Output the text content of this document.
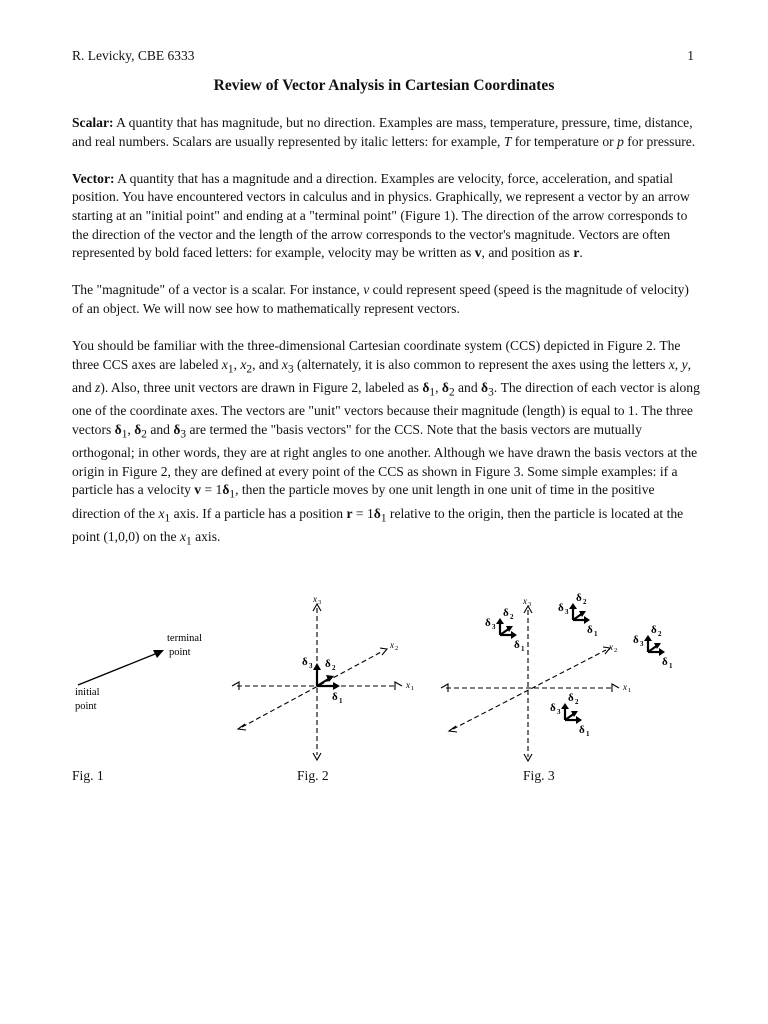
R. Levicky, CBE 6333	1
Review of Vector Analysis in Cartesian Coordinates

Scalar: A quantity that has magnitude, but no direction. Examples are mass, temperature, pressure, time, distance, and real numbers. Scalars are usually represented by italic letters: for example, T for temperature or p for pressure.

Vector: A quantity that has a magnitude and a direction. Examples are velocity, force, acceleration, and spatial position. You have encountered vectors in calculus and in physics. Graphically, we represent a vector by an arrow starting at an "initial point" and ending at a "terminal point" (Figure 1). The direction of the arrow corresponds to the direction of the vector and the length of the arrow corresponds to the vector's magnitude. Vectors are often represented by bold faced letters: for example, velocity may be written as v, and position as r.

The "magnitude" of a vector is a scalar. For instance, v could represent speed (speed is the magnitude of velocity) of an object. We will now see how to mathematically represent vectors.

You should be familiar with the three-dimensional Cartesian coordinate system (CCS) depicted in Figure 2. The three CCS axes are labeled $x_1$, $x_2$, and $x_3$ (alternately, it is also common to represent the axes using the letters x, y, and z). Also, three unit vectors are drawn in Figure 2, labeled as $\delta_1$, $\delta_2$ and $\delta_3$. The direction of each vector is along one of the coordinate axes. The vectors are "unit" vectors because their magnitude (length) is equal to 1. The three vectors $\delta_1$, $\delta_2$ and $\delta_3$ are termed the "basis vectors" for the CCS. Note that the basis vectors are mutually orthogonal; in other words, they are at right angles to one another. Although we have drawn the basis vectors at the origin in Figure 2, they are defined at every point of the CCS as shown in Figure 3. Some simple examples: if a particle has a velocity $v = 1\delta_1$, then the particle moves by one unit length in one unit of time in the positive direction of the $x_1$ axis. If a particle has a position $r = 1\delta_1$ relative to the origin, then the particle is located at the point (1,0,0) on the $x_1$ axis.

terminal
point
initial
point
Fig. 1
x 3
x 2
x 1
δ 3 δ 2
δ 1
Fig. 2
x 3
x 2
x 1
δ 3
δ 2
δ 1
δ 3
δ 2
δ 1	δ 3
δ 2
δ 1
δ 3
δ 2
δ 1
Fig. 3
